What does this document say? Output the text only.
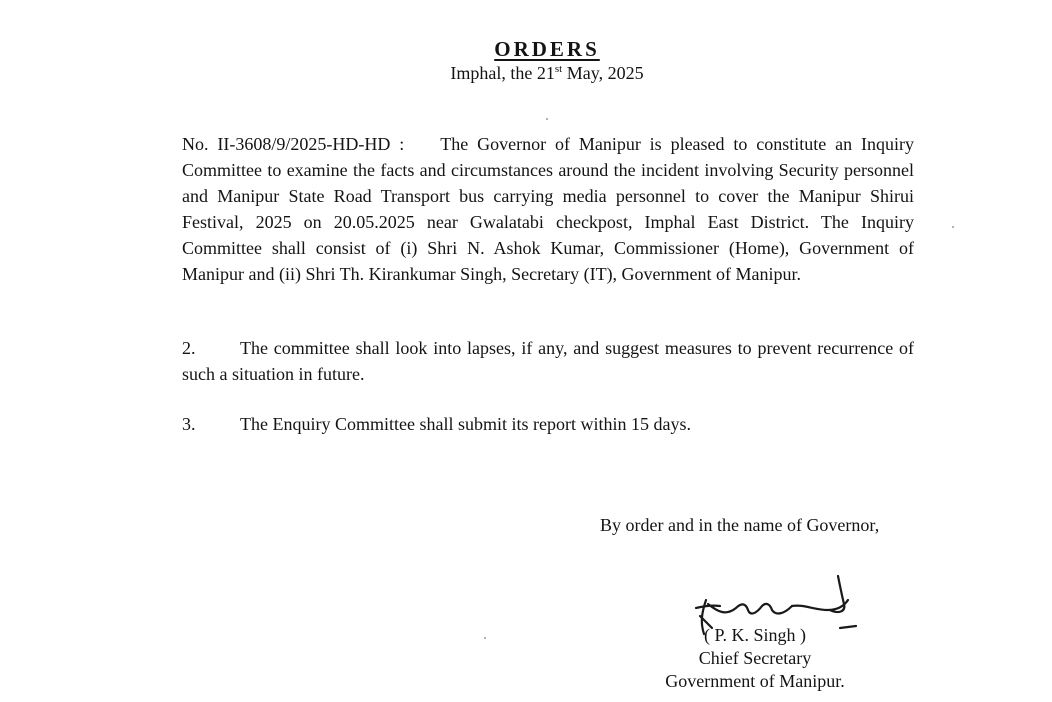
ORDERS
Imphal, the 21st May, 2025
No. II-3608/9/2025-HD-HD : The Governor of Manipur is pleased to constitute an Inquiry Committee to examine the facts and circumstances around the incident involving Security personnel and Manipur State Road Transport bus carrying media personnel to cover the Manipur Shirui Festival, 2025 on 20.05.2025 near Gwalatabi checkpost, Imphal East District. The Inquiry Committee shall consist of (i) Shri N. Ashok Kumar, Commissioner (Home), Government of Manipur and (ii) Shri Th. Kirankumar Singh, Secretary (IT), Government of Manipur.
2. The committee shall look into lapses, if any, and suggest measures to prevent recurrence of such a situation in future.
3. The Enquiry Committee shall submit its report within 15 days.
By order and in the name of Governor,
( P. K. Singh )
Chief Secretary
Government of Manipur.
